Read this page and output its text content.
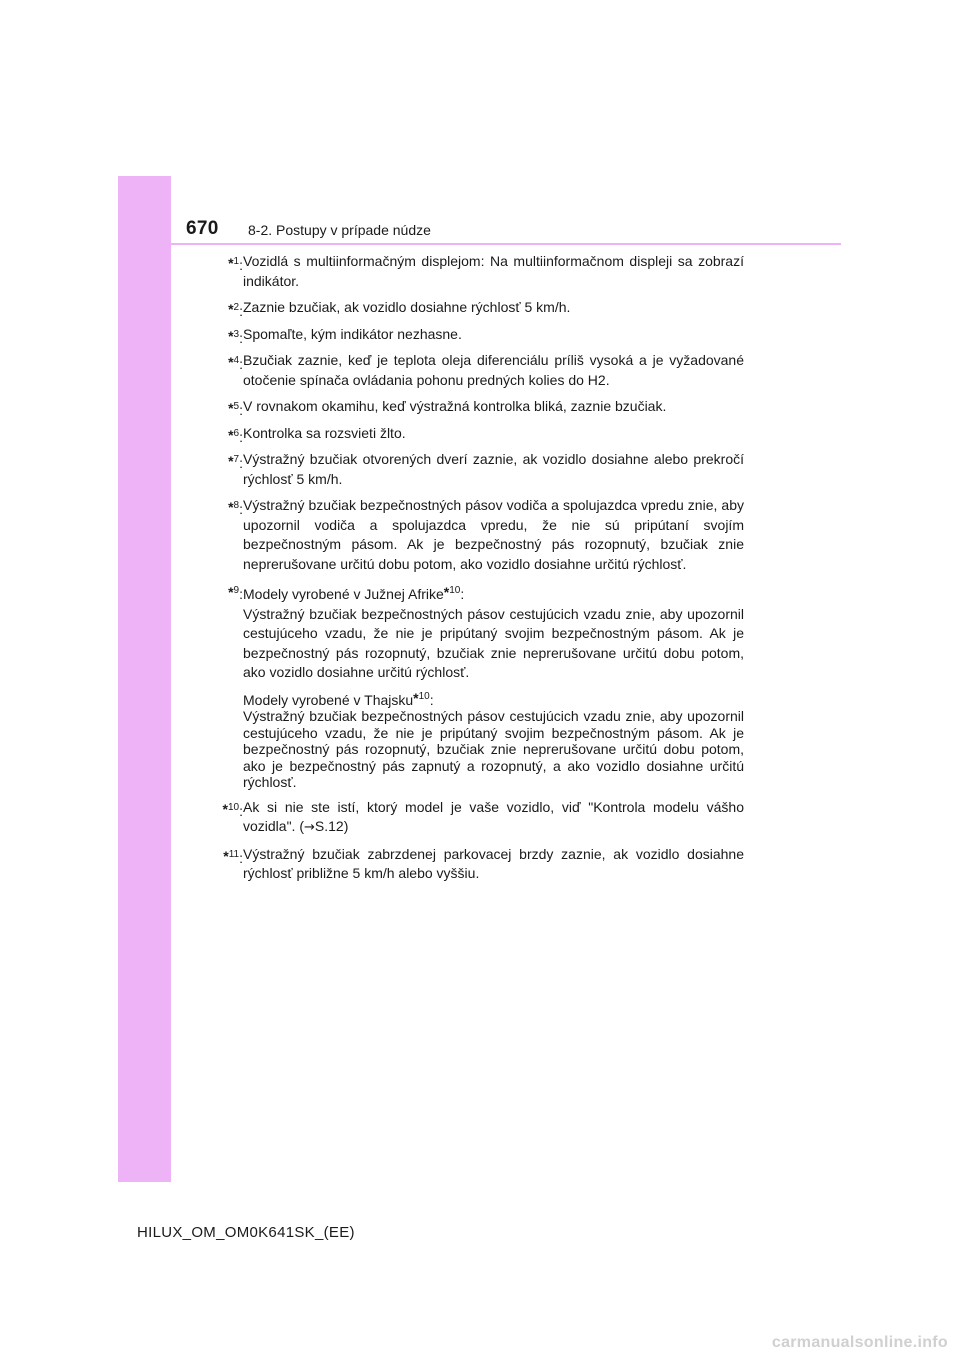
670 8-2. Postupy v prípade núdze
*$^1$: Vozidlá s multiinformačným displejom: Na multiinformačnom displeji sa zobrazí indikátor.
*$^2$: Zaznie bzučiak, ak vozidlo dosiahne rýchlosť 5 km/h.
*$^3$: Spomaľte, kým indikátor nezhasne.
*$^4$: Bzučiak zaznie, keď je teplota oleja diferenciálu príliš vysoká a je vyžadované otočenie spínača ovládania pohonu predných kolies do H2.
*$^5$: V rovnakom okamihu, keď výstražná kontrolka bliká, zaznie bzučiak.
*$^6$: Kontrolka sa rozsvieti žlto.
*$^7$: Výstražný bzučiak otvorených dverí zaznie, ak vozidlo dosiahne alebo prekročí rýchlosť 5 km/h.
*$^8$: Výstražný bzučiak bezpečnostných pásov vodiča a spolujazdca vpredu znie, aby upozornil vodiča a spolujazdca vpredu, že nie sú pripútaní svojím bezpečnostným pásom. Ak je bezpečnostný pás rozopnutý, bzučiak znie neprerušovane určitú dobu potom, ako vozidlo dosiahne určitú rýchlosť.
*$^9$: Modely vyrobené v Južnej Afrike*$^{10}$:
Výstražný bzučiak bezpečnostných pásov cestujúcich vzadu znie, aby upozornil cestujúceho vzadu, že nie je pripútaný svojim bezpečnostným pásom. Ak je bezpečnostný pás rozopnutý, bzučiak znie neprerušovane určitú dobu potom, ako vozidlo dosiahne určitú rýchlosť.
Modely vyrobené v Thajsku*$^{10}$:
Výstražný bzučiak bezpečnostných pásov cestujúcich vzadu znie, aby upozornil cestujúceho vzadu, že nie je pripútaný svojim bezpečnostným pásom. Ak je bezpečnostný pás rozopnutý, bzučiak znie neprerušovane určitú dobu potom, ako je bezpečnostný pás zapnutý a rozopnutý, a ako vozidlo dosiahne určitú rýchlosť.
*$^{10}$: Ak si nie ste istí, ktorý model je vaše vozidlo, viď "Kontrola modelu vášho vozidla". (→S.12)
*$^{11}$: Výstražný bzučiak zabrzdenej parkovacej brzdy zaznie, ak vozidlo dosiahne rýchlosť približne 5 km/h alebo vyššiu.
HILUX_OM_OM0K641SK_(EE)
carmanualsonline.info
